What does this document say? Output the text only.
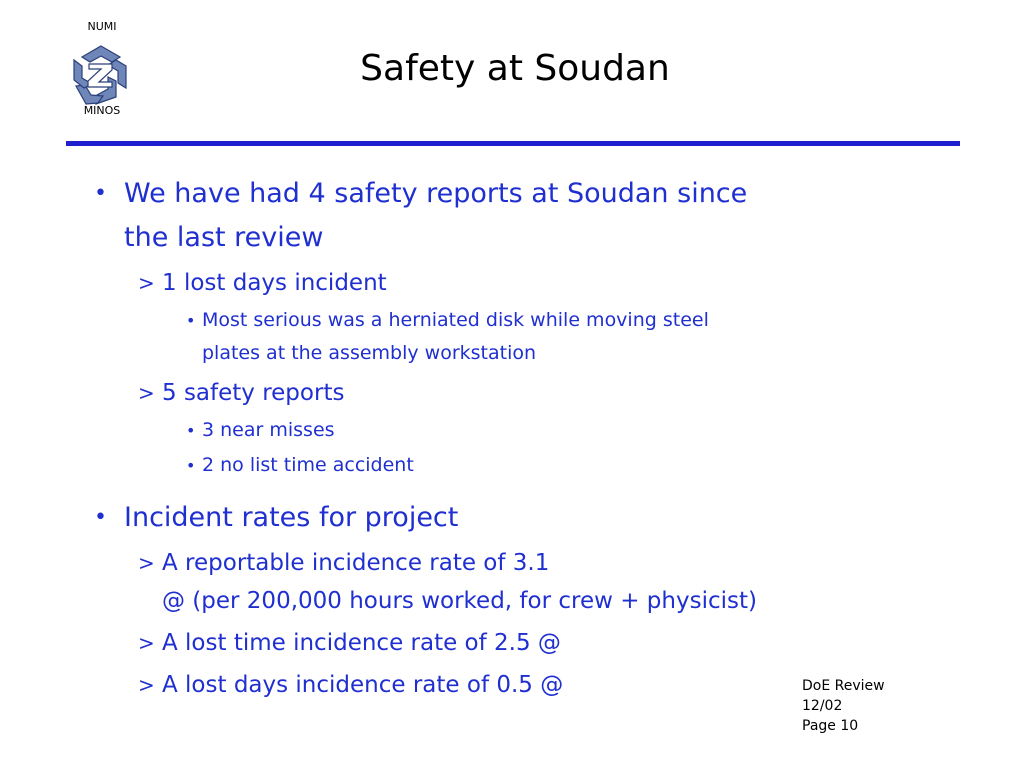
NUMI
MINOS
Safety at Soudan
• We have had 4 safety reports at Soudan since
the last review
> 1 lost days incident
• Most serious was a herniated disk while moving steel
plates at the assembly workstation
> 5 safety reports
• 3 near misses
• 2 no list time accident
• Incident rates for project
> A reportable incidence rate of 3.1
@ (per 200,000 hours worked, for crew + physicist)
> A lost time incidence rate of 2.5 @
> A lost days incidence rate of 0.5 @	DoE Review
12/02
Page 10
